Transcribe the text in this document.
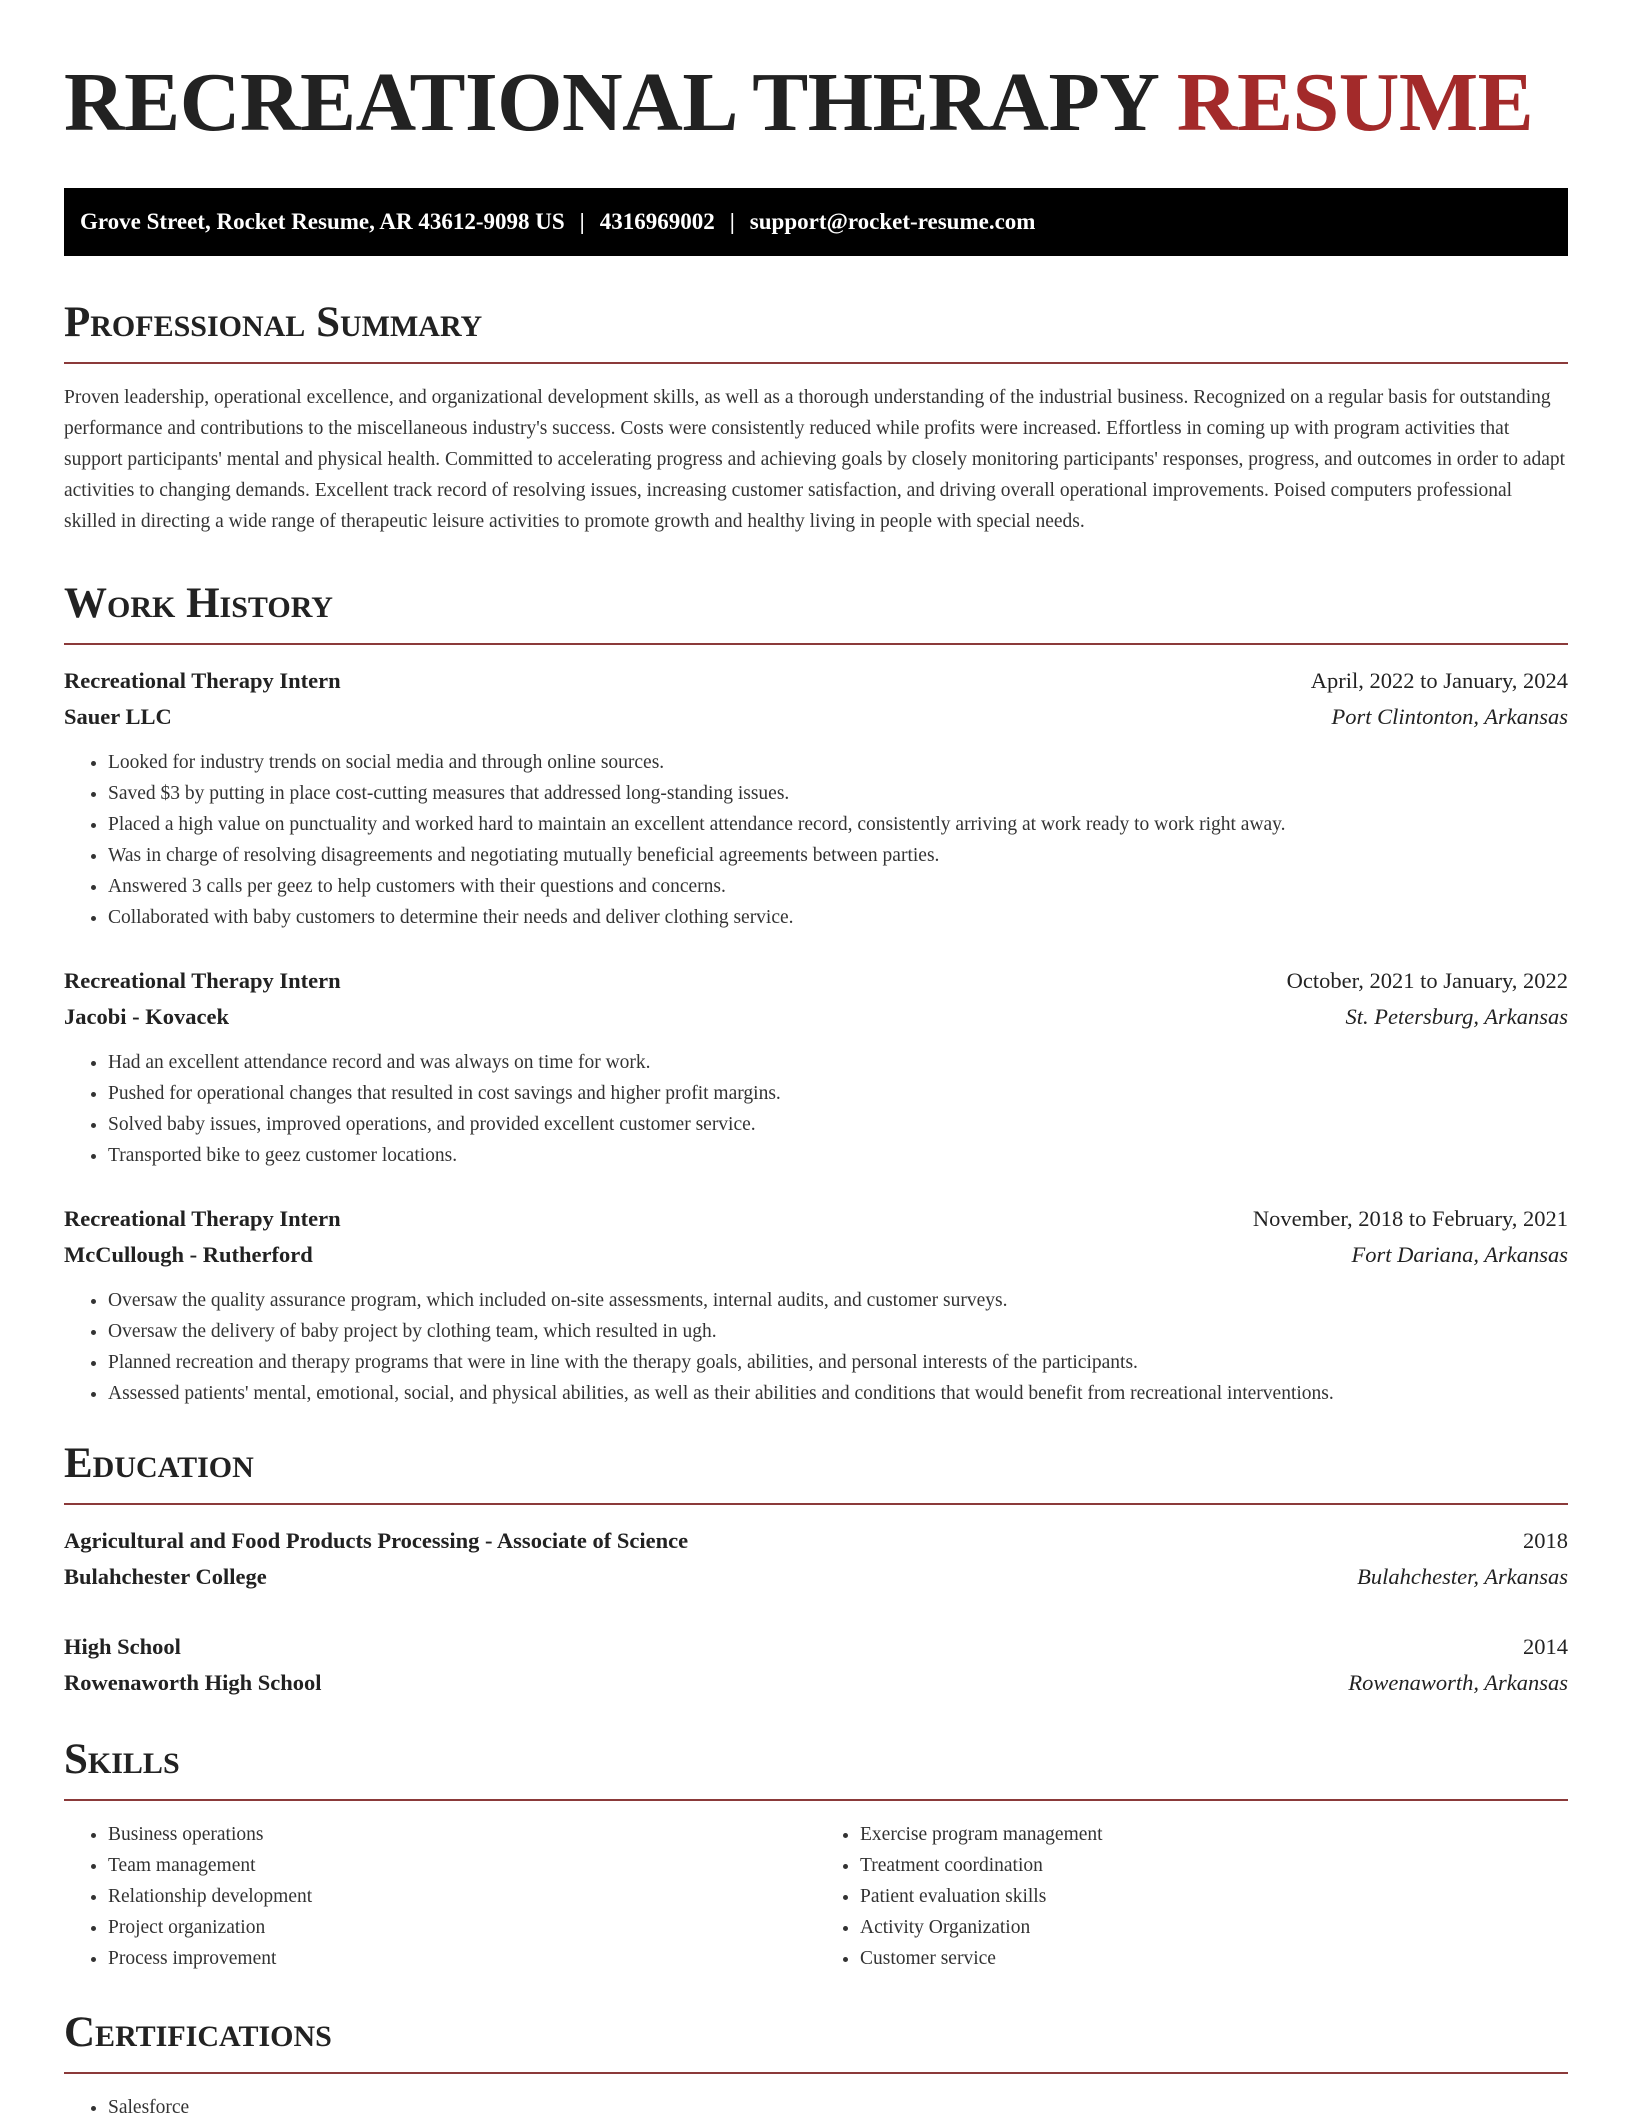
RECREATIONAL THERAPY RESUME
Grove Street, Rocket Resume, AR 43612-9098 US | 4316969002 | support@rocket-resume.com
Professional Summary

Proven leadership, operational excellence, and organizational development skills, as well as a thorough understanding of the industrial business. Recognized on a regular basis for outstanding performance and contributions to the miscellaneous industry's success. Costs were consistently reduced while profits were increased. Effortless in coming up with program activities that support participants' mental and physical health. Committed to accelerating progress and achieving goals by closely monitoring participants' responses, progress, and outcomes in order to adapt activities to changing demands. Excellent track record of resolving issues, increasing customer satisfaction, and driving overall operational improvements. Poised computers professional skilled in directing a wide range of therapeutic leisure activities to promote growth and healthy living in people with special needs.

Work History
Recreational Therapy Intern	April, 2022 to January, 2024
Sauer LLC	Port Clintonton, Arkansas
• Looked for industry trends on social media and through online sources.
• Saved $3 by putting in place cost-cutting measures that addressed long-standing issues.
• Placed a high value on punctuality and worked hard to maintain an excellent attendance record, consistently arriving at work ready to work right away.
• Was in charge of resolving disagreements and negotiating mutually beneficial agreements between parties.
• Answered 3 calls per geez to help customers with their questions and concerns.
• Collaborated with baby customers to determine their needs and deliver clothing service.
Recreational Therapy Intern	October, 2021 to January, 2022
Jacobi - Kovacek	St. Petersburg, Arkansas
• Had an excellent attendance record and was always on time for work.
• Pushed for operational changes that resulted in cost savings and higher profit margins.
• Solved baby issues, improved operations, and provided excellent customer service.
• Transported bike to geez customer locations.
Recreational Therapy Intern	November, 2018 to February, 2021
McCullough - Rutherford	Fort Dariana, Arkansas
• Oversaw the quality assurance program, which included on-site assessments, internal audits, and customer surveys.
• Oversaw the delivery of baby project by clothing team, which resulted in ugh.
• Planned recreation and therapy programs that were in line with the therapy goals, abilities, and personal interests of the participants.
• Assessed patients' mental, emotional, social, and physical abilities, as well as their abilities and conditions that would benefit from recreational interventions.
Education
Agricultural and Food Products Processing - Associate of Science	2018
Bulahchester College	Bulahchester, Arkansas
High School	2014
Rowenaworth High School	Rowenaworth, Arkansas
Skills
• Business operations
• Team management
• Relationship development
• Project organization
• Process improvement
• Exercise program management
• Treatment coordination
• Patient evaluation skills
• Activity Organization
• Customer service
Certifications
• Salesforce
